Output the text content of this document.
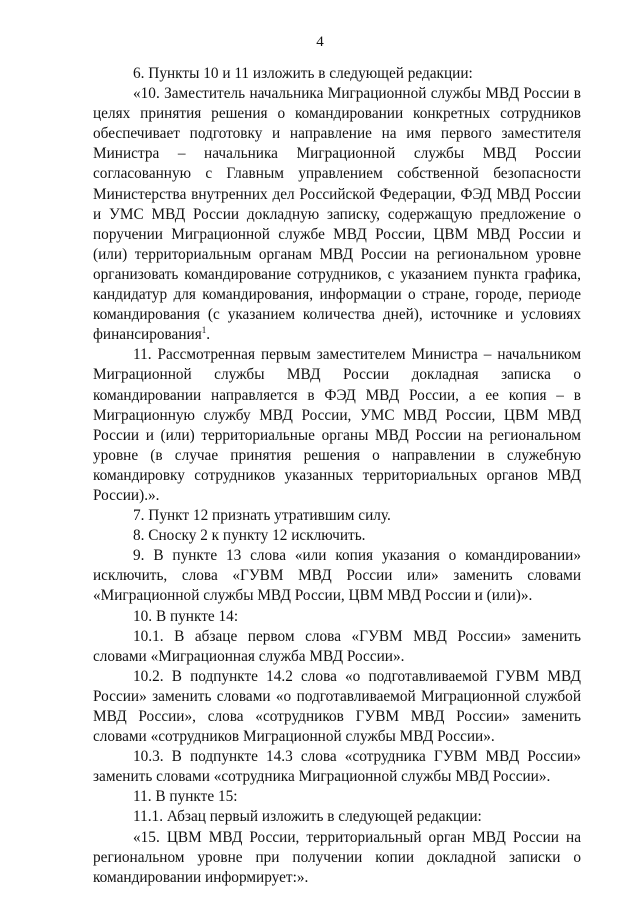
4

6. Пункты 10 и 11 изложить в следующей редакции:

«10. Заместитель начальника Миграционной службы МВД России в целях принятия решения о командировании конкретных сотрудников обеспечивает подготовку и направление на имя первого заместителя Министра – начальника Миграционной службы МВД России согласованную с Главным управлением собственной безопасности Министерства внутренних дел Российской Федерации, ФЭД МВД России и УМС МВД России докладную записку, содержащую предложение о поручении Миграционной службе МВД России, ЦВМ МВД России и (или) территориальным органам МВД России на региональном уровне организовать командирование сотрудников, с указанием пункта графика, кандидатур для командирования, информации о стране, городе, периоде командирования (с указанием количества дней), источнике и условиях финансирования$^1$.

11. Рассмотренная первым заместителем Министра – начальником Миграционной службы МВД России докладная записка о командировании направляется в ФЭД МВД России, а ее копия – в Миграционную службу МВД России, УМС МВД России, ЦВМ МВД России и (или) территориальные органы МВД России на региональном уровне (в случае принятия решения о направлении в служебную командировку сотрудников указанных территориальных органов МВД России).».

7. Пункт 12 признать утратившим силу.

8. Сноску 2 к пункту 12 исключить.

9. В пункте 13 слова «или копия указания о командировании» исключить, слова «ГУВМ МВД России или» заменить словами «Миграционной службы МВД России, ЦВМ МВД России и (или)».

10. В пункте 14:

10.1. В абзаце первом слова «ГУВМ МВД России» заменить словами «Миграционная служба МВД России».

10.2. В подпункте 14.2 слова «о подготавливаемой ГУВМ МВД России» заменить словами «о подготавливаемой Миграционной службой МВД России», слова «сотрудников ГУВМ МВД России» заменить словами «сотрудников Миграционной службы МВД России».

10.3. В подпункте 14.3 слова «сотрудника ГУВМ МВД России» заменить словами «сотрудника Миграционной службы МВД России».

11. В пункте 15:

11.1. Абзац первый изложить в следующей редакции:

«15. ЦВМ МВД России, территориальный орган МВД России на региональном уровне при получении копии докладной записки о командировании информирует:».
